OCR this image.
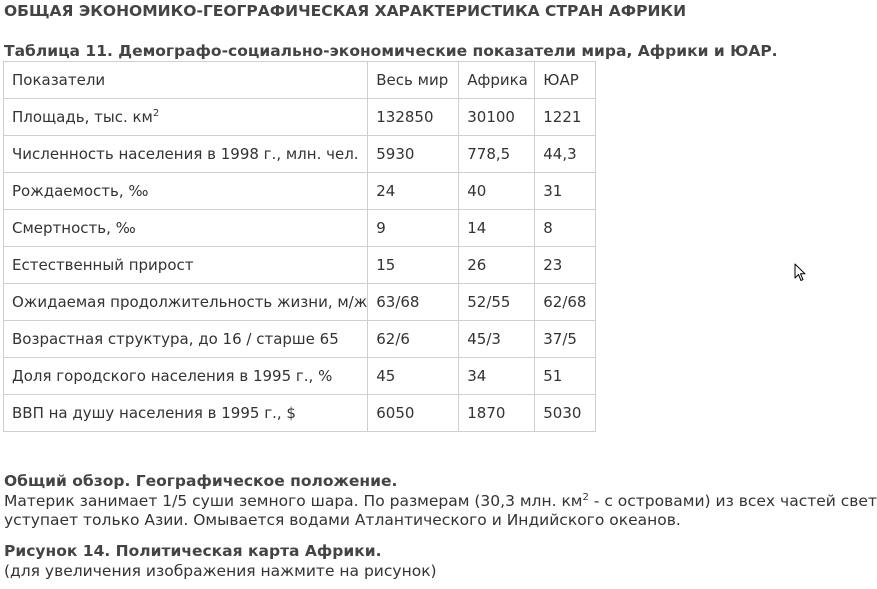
ОБЩАЯ ЭКОНОМИКО-ГЕОГРАФИЧЕСКАЯ ХАРАКТЕРИСТИКА СТРАН АФРИКИ
Таблица 11. Демографо-социально-экономические показатели мира, Африки и ЮАР.
Показатели	Весь мир	Африка	ЮАР
Площадь, тыс. $км^2$	132850	30100	1221
Численность населения в 1998 г., млн. чел.	5930	778,5	44,3
Рождаемость, ‰	24	40	31
Смертность, ‰	9	14	8
Естественный прирост	15	26	23
Ожидаемая продолжительность жизни, м/ж	63/68	52/55	62/68
Возрастная структура, до 16 / старше 65	62/6	45/3	37/5
Доля городского населения в 1995 г., %	45	34	51
ВВП на душу населения в 1995 г., $	6050	1870	5030
Общий обзор. Географическое положение.
Материк занимает 1/5 суши земного шара. По размерам (30,3 млн. $км^2$ - с островами) из всех частей свет
уступает только Азии. Омывается водами Атлантического и Индийского океанов.
Рисунок 14. Политическая карта Африки.
(для увеличения изображения нажмите на рисунок)
